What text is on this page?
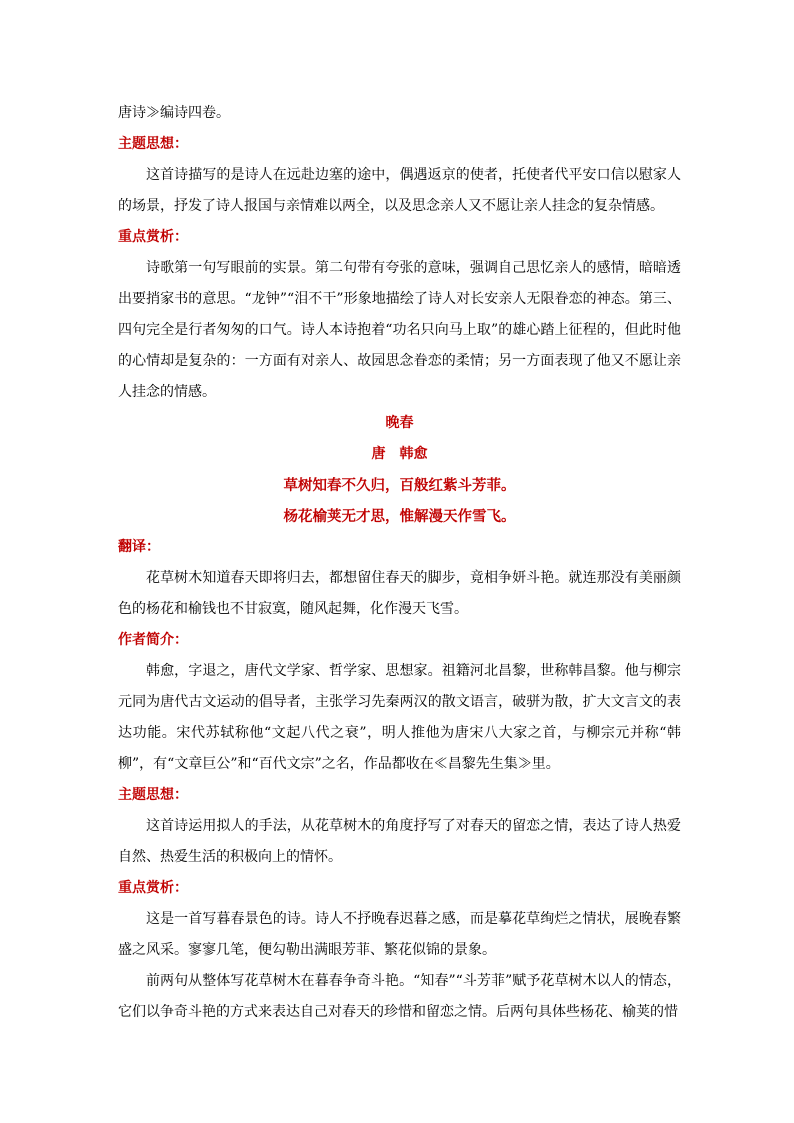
唐诗≫编诗四卷。

主题思想：

这首诗描写的是诗人在远赴边塞的途中，偶遇返京的使者，托使者代平安口信以慰家人的场景，抒发了诗人报国与亲情难以两全，以及思念亲人又不愿让亲人挂念的复杂情感。

重点赏析：

诗歌第一句写眼前的实景。第二句带有夸张的意味，强调自己思忆亲人的感情，暗暗透出要捎家书的意思。“龙钟”“泪不干”形象地描绘了诗人对长安亲人无限眷恋的神态。第三、四句完全是行者匆匆的口气。诗人本诗抱着“功名只向马上取”的雄心踏上征程的，但此时他的心情却是复杂的：一方面有对亲人、故园思念眷恋的柔情；另一方面表现了他又不愿让亲人挂念的情感。

晚春

唐　韩愈

草树知春不久归，百般红紫斗芳菲。

杨花榆荚无才思，惟解漫天作雪飞。

翻译：

花草树木知道春天即将归去，都想留住春天的脚步，竟相争妍斗艳。就连那没有美丽颜色的杨花和榆钱也不甘寂寞，随风起舞，化作漫天飞雪。

作者简介：

韩愈，字退之，唐代文学家、哲学家、思想家。祖籍河北昌黎，世称韩昌黎。他与柳宗元同为唐代古文运动的倡导者，主张学习先秦两汉的散文语言，破骈为散，扩大文言文的表达功能。宋代苏轼称他“文起八代之衰”，明人推他为唐宋八大家之首，与柳宗元并称“韩柳”，有“文章巨公”和“百代文宗”之名，作品都收在≪昌黎先生集≫里。

主题思想：

这首诗运用拟人的手法，从花草树木的角度抒写了对春天的留恋之情，表达了诗人热爱自然、热爱生活的积极向上的情怀。

重点赏析：

这是一首写暮春景色的诗。诗人不抒晚春迟暮之感，而是摹花草绚烂之情状，展晚春繁盛之风采。寥寥几笔，便勾勒出满眼芳菲、繁花似锦的景象。

前两句从整体写花草树木在暮春争奇斗艳。“知春”“斗芳菲”赋予花草树木以人的情态，它们以争奇斗艳的方式来表达自己对春天的珍惜和留恋之情。后两句具体些杨花、榆荚的惜
